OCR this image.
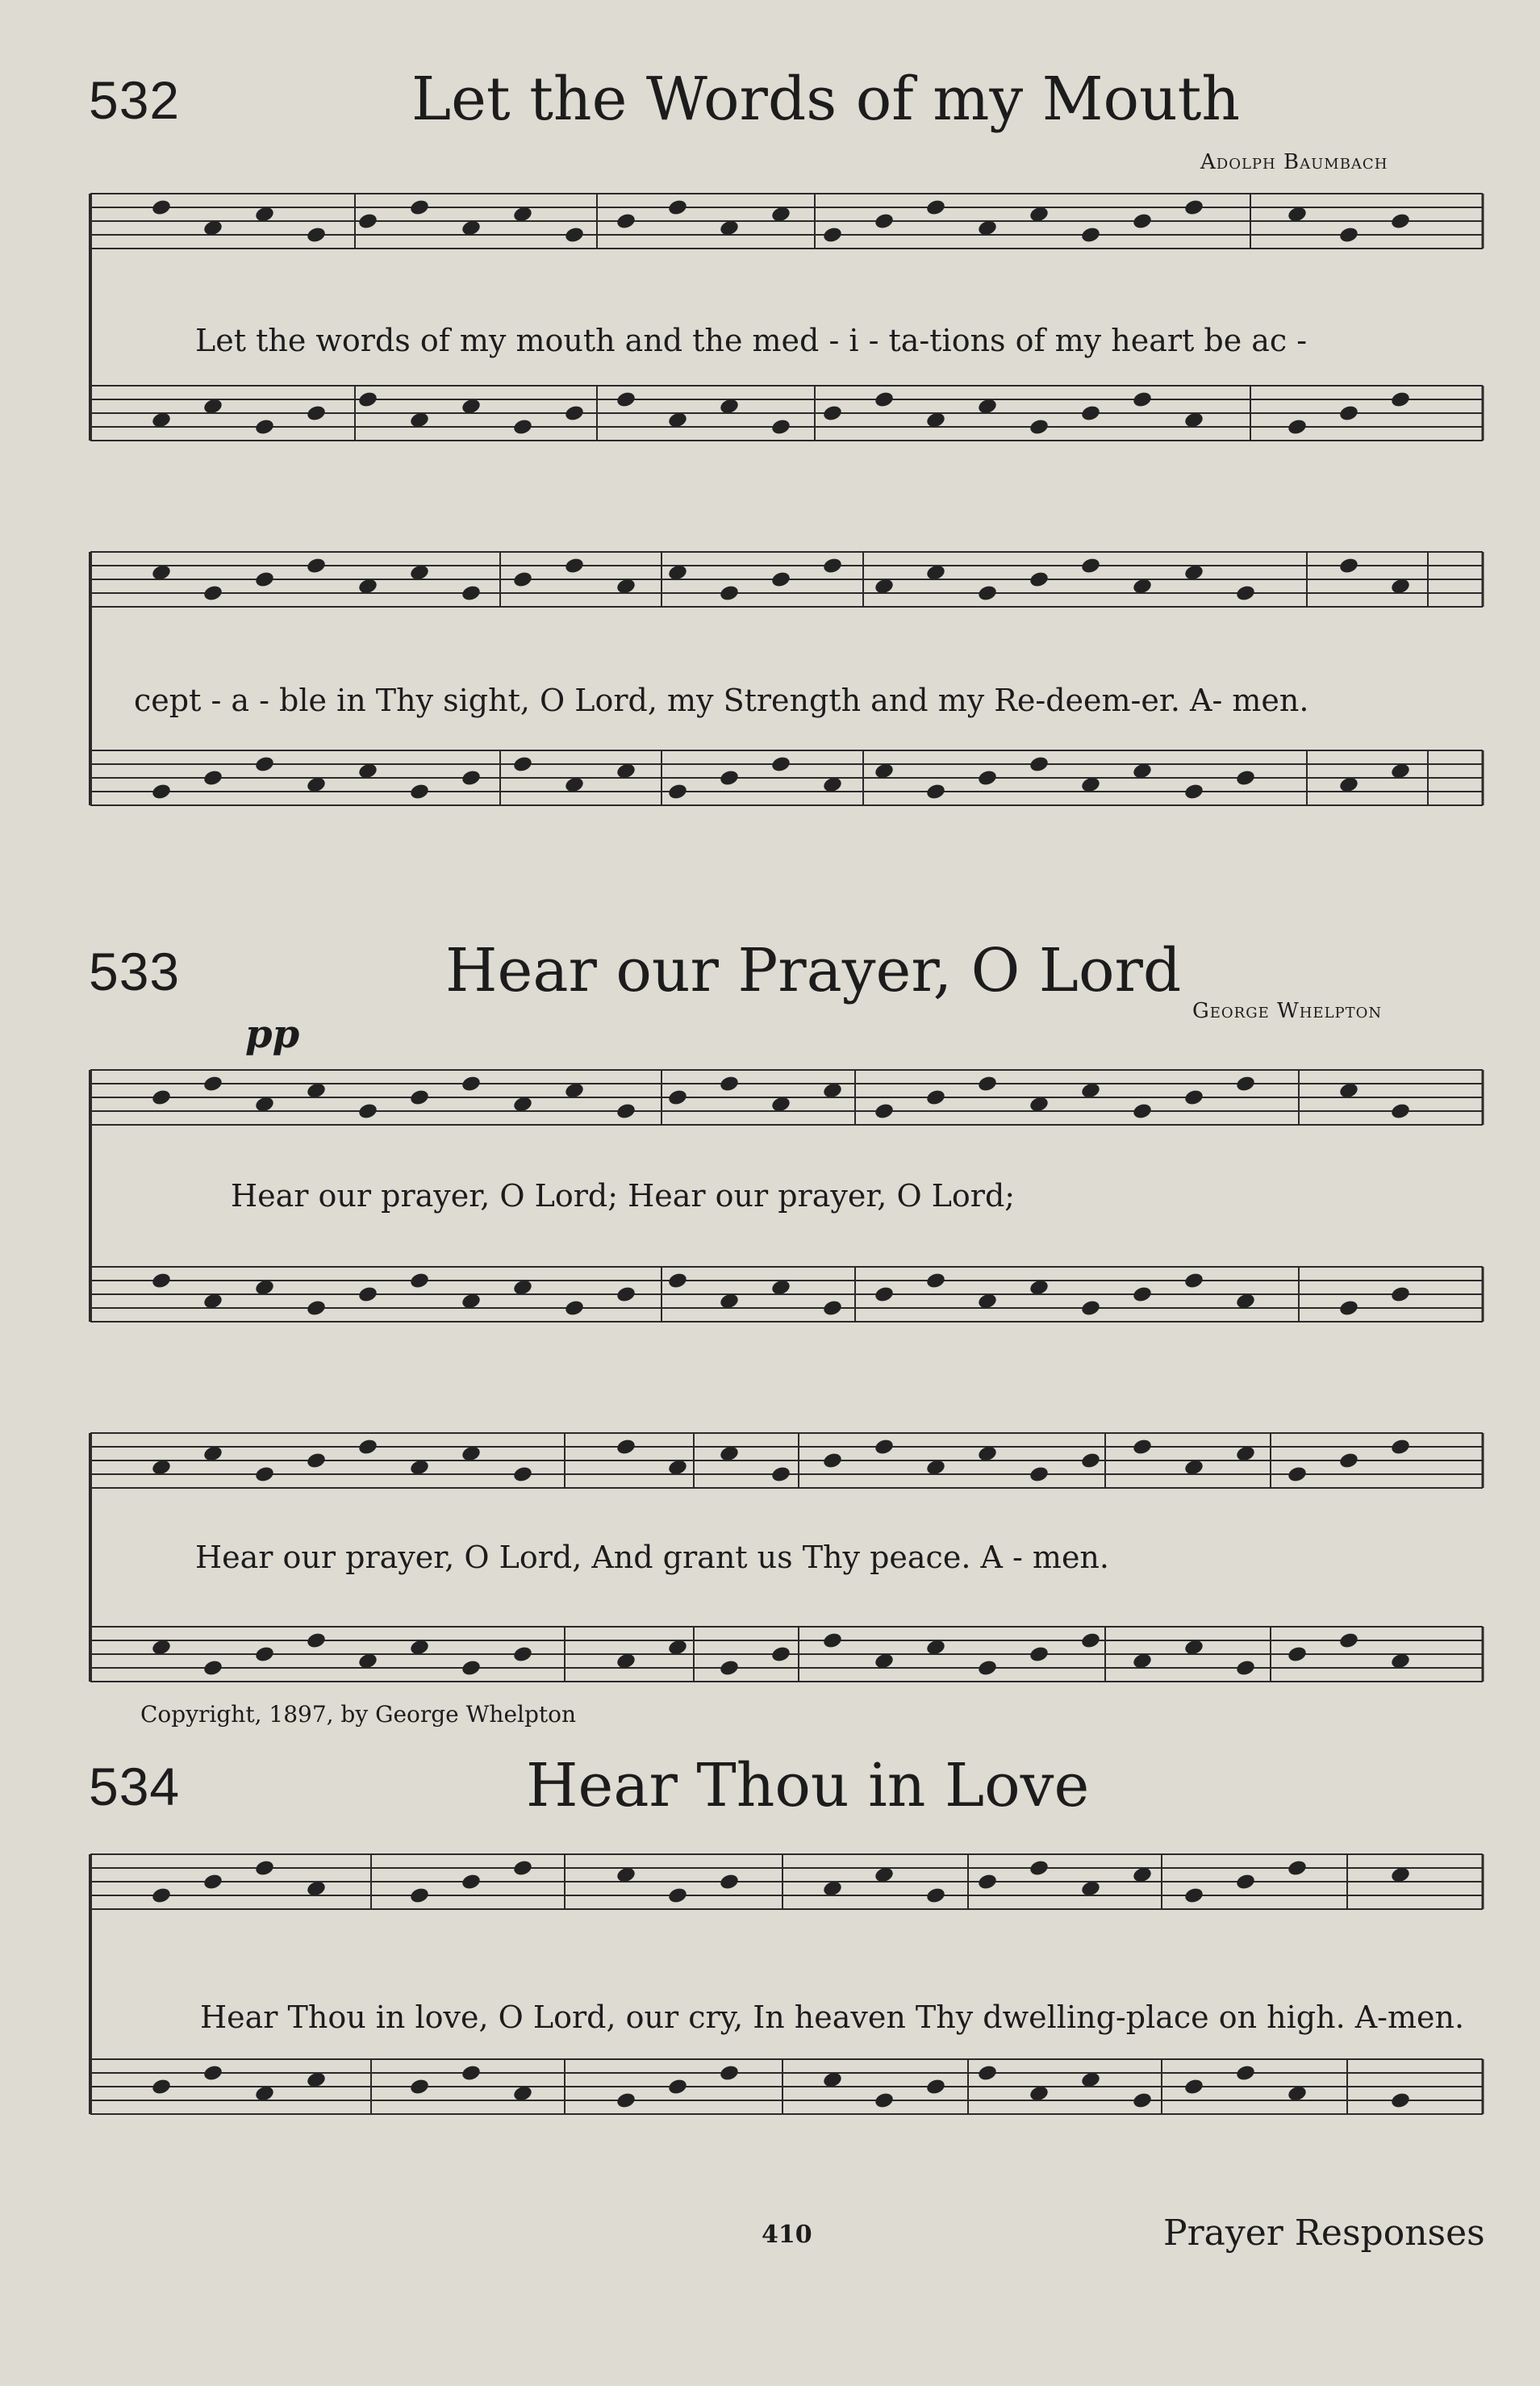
532	Let the Words of my Mouth
Adolph Baumbach
Let the words of my mouth and the med - i - ta-tions of my heart be ac -
cept - a - ble in Thy sight, O Lord, my Strength and my Re-deem-er. A- men.
533	Hear our Prayer, O Lord
George Whelpton
pp
Hear our prayer, O Lord; Hear our prayer, O Lord;
Hear our prayer, O Lord, And grant us Thy peace. A - men.
Copyright, 1897, by George Whelpton
534	Hear Thou in Love
Hear Thou in love, O Lord, our cry, In heaven Thy dwelling-place on high. A-men.
410	Prayer Responses
